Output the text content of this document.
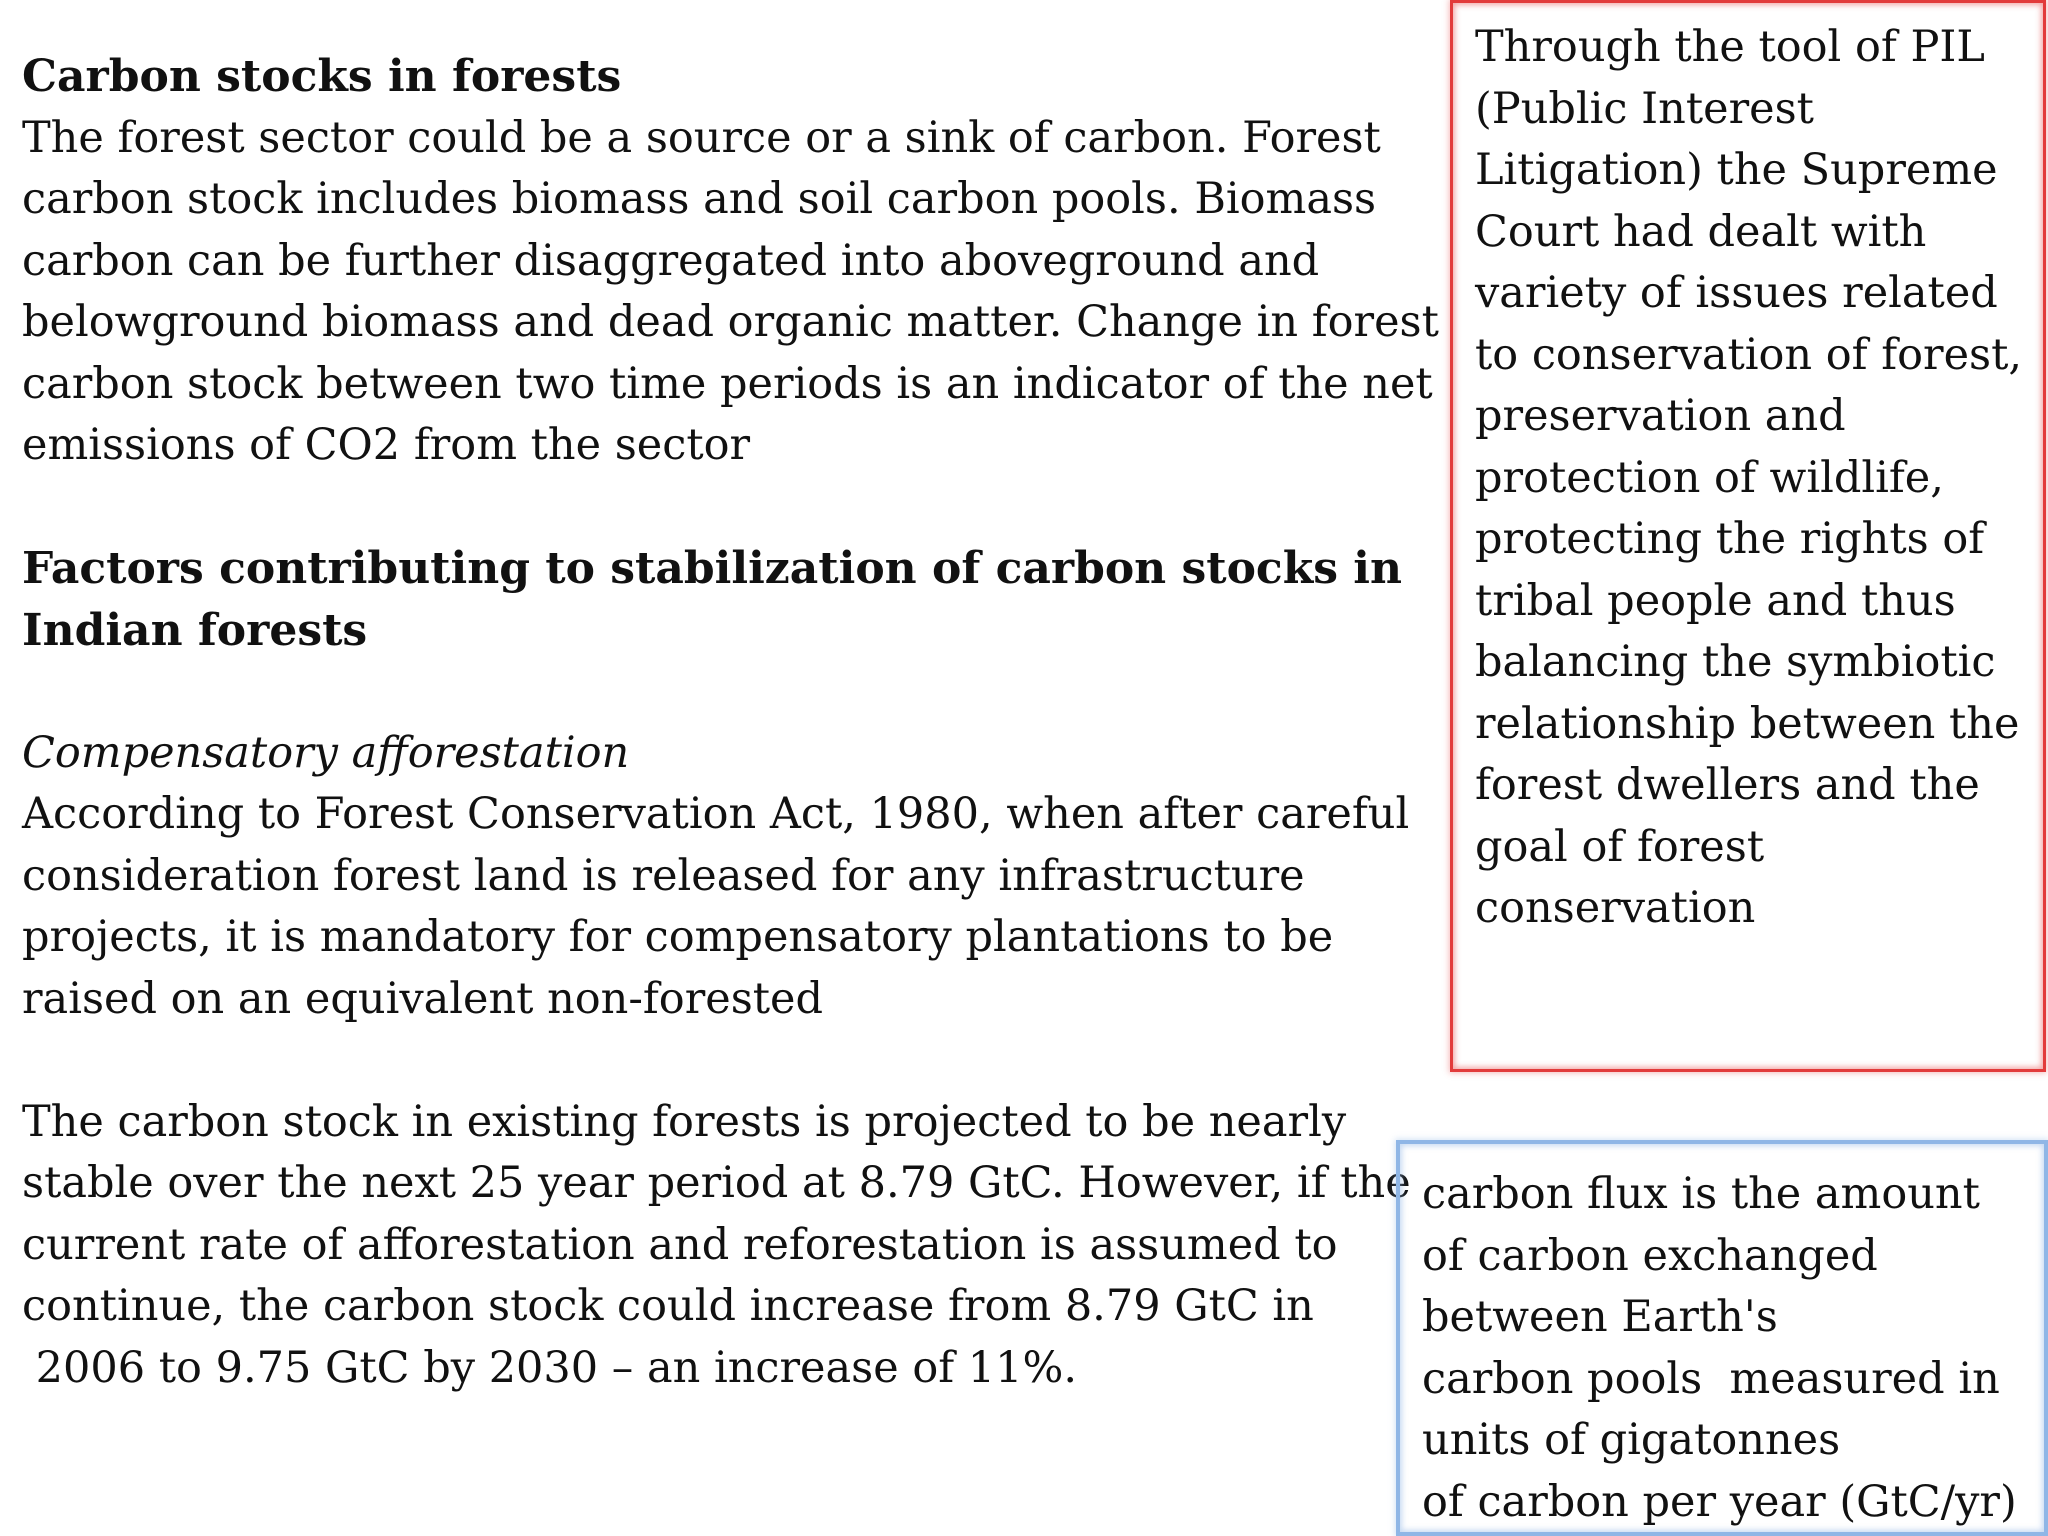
Carbon stocks in forests

The forest sector could be a source or a sink of carbon. Forest
carbon stock includes biomass and soil carbon pools. Biomass
carbon can be further disaggregated into aboveground and
belowground biomass and dead organic matter. Change in forest
carbon stock between two time periods is an indicator of the net
emissions of CO2 from the sector

Factors contributing to stabilization of carbon stocks in
Indian forests

Compensatory afforestation

According to Forest Conservation Act, 1980, when after careful
consideration forest land is released for any infrastructure
projects, it is mandatory for compensatory plantations to be
raised on an equivalent non-forested

The carbon stock in existing forests is projected to be nearly
stable over the next 25 year period at 8.79 GtC. However, if the
current rate of afforestation and reforestation is assumed to
continue, the carbon stock could increase from 8.79 GtC in
2006 to 9.75 GtC by 2030 – an increase of 11%.

Through the tool of PIL
(Public Interest
Litigation) the Supreme
Court had dealt with
variety of issues related
to conservation of forest,
preservation and
protection of wildlife,
protecting the rights of
tribal people and thus
balancing the symbiotic
relationship between the
forest dwellers and the
goal of forest
conservation
carbon flux is the amount
of carbon exchanged
between Earth's
carbon pools  measured in
units of gigatonnes
of carbon per year (GtC/yr)
